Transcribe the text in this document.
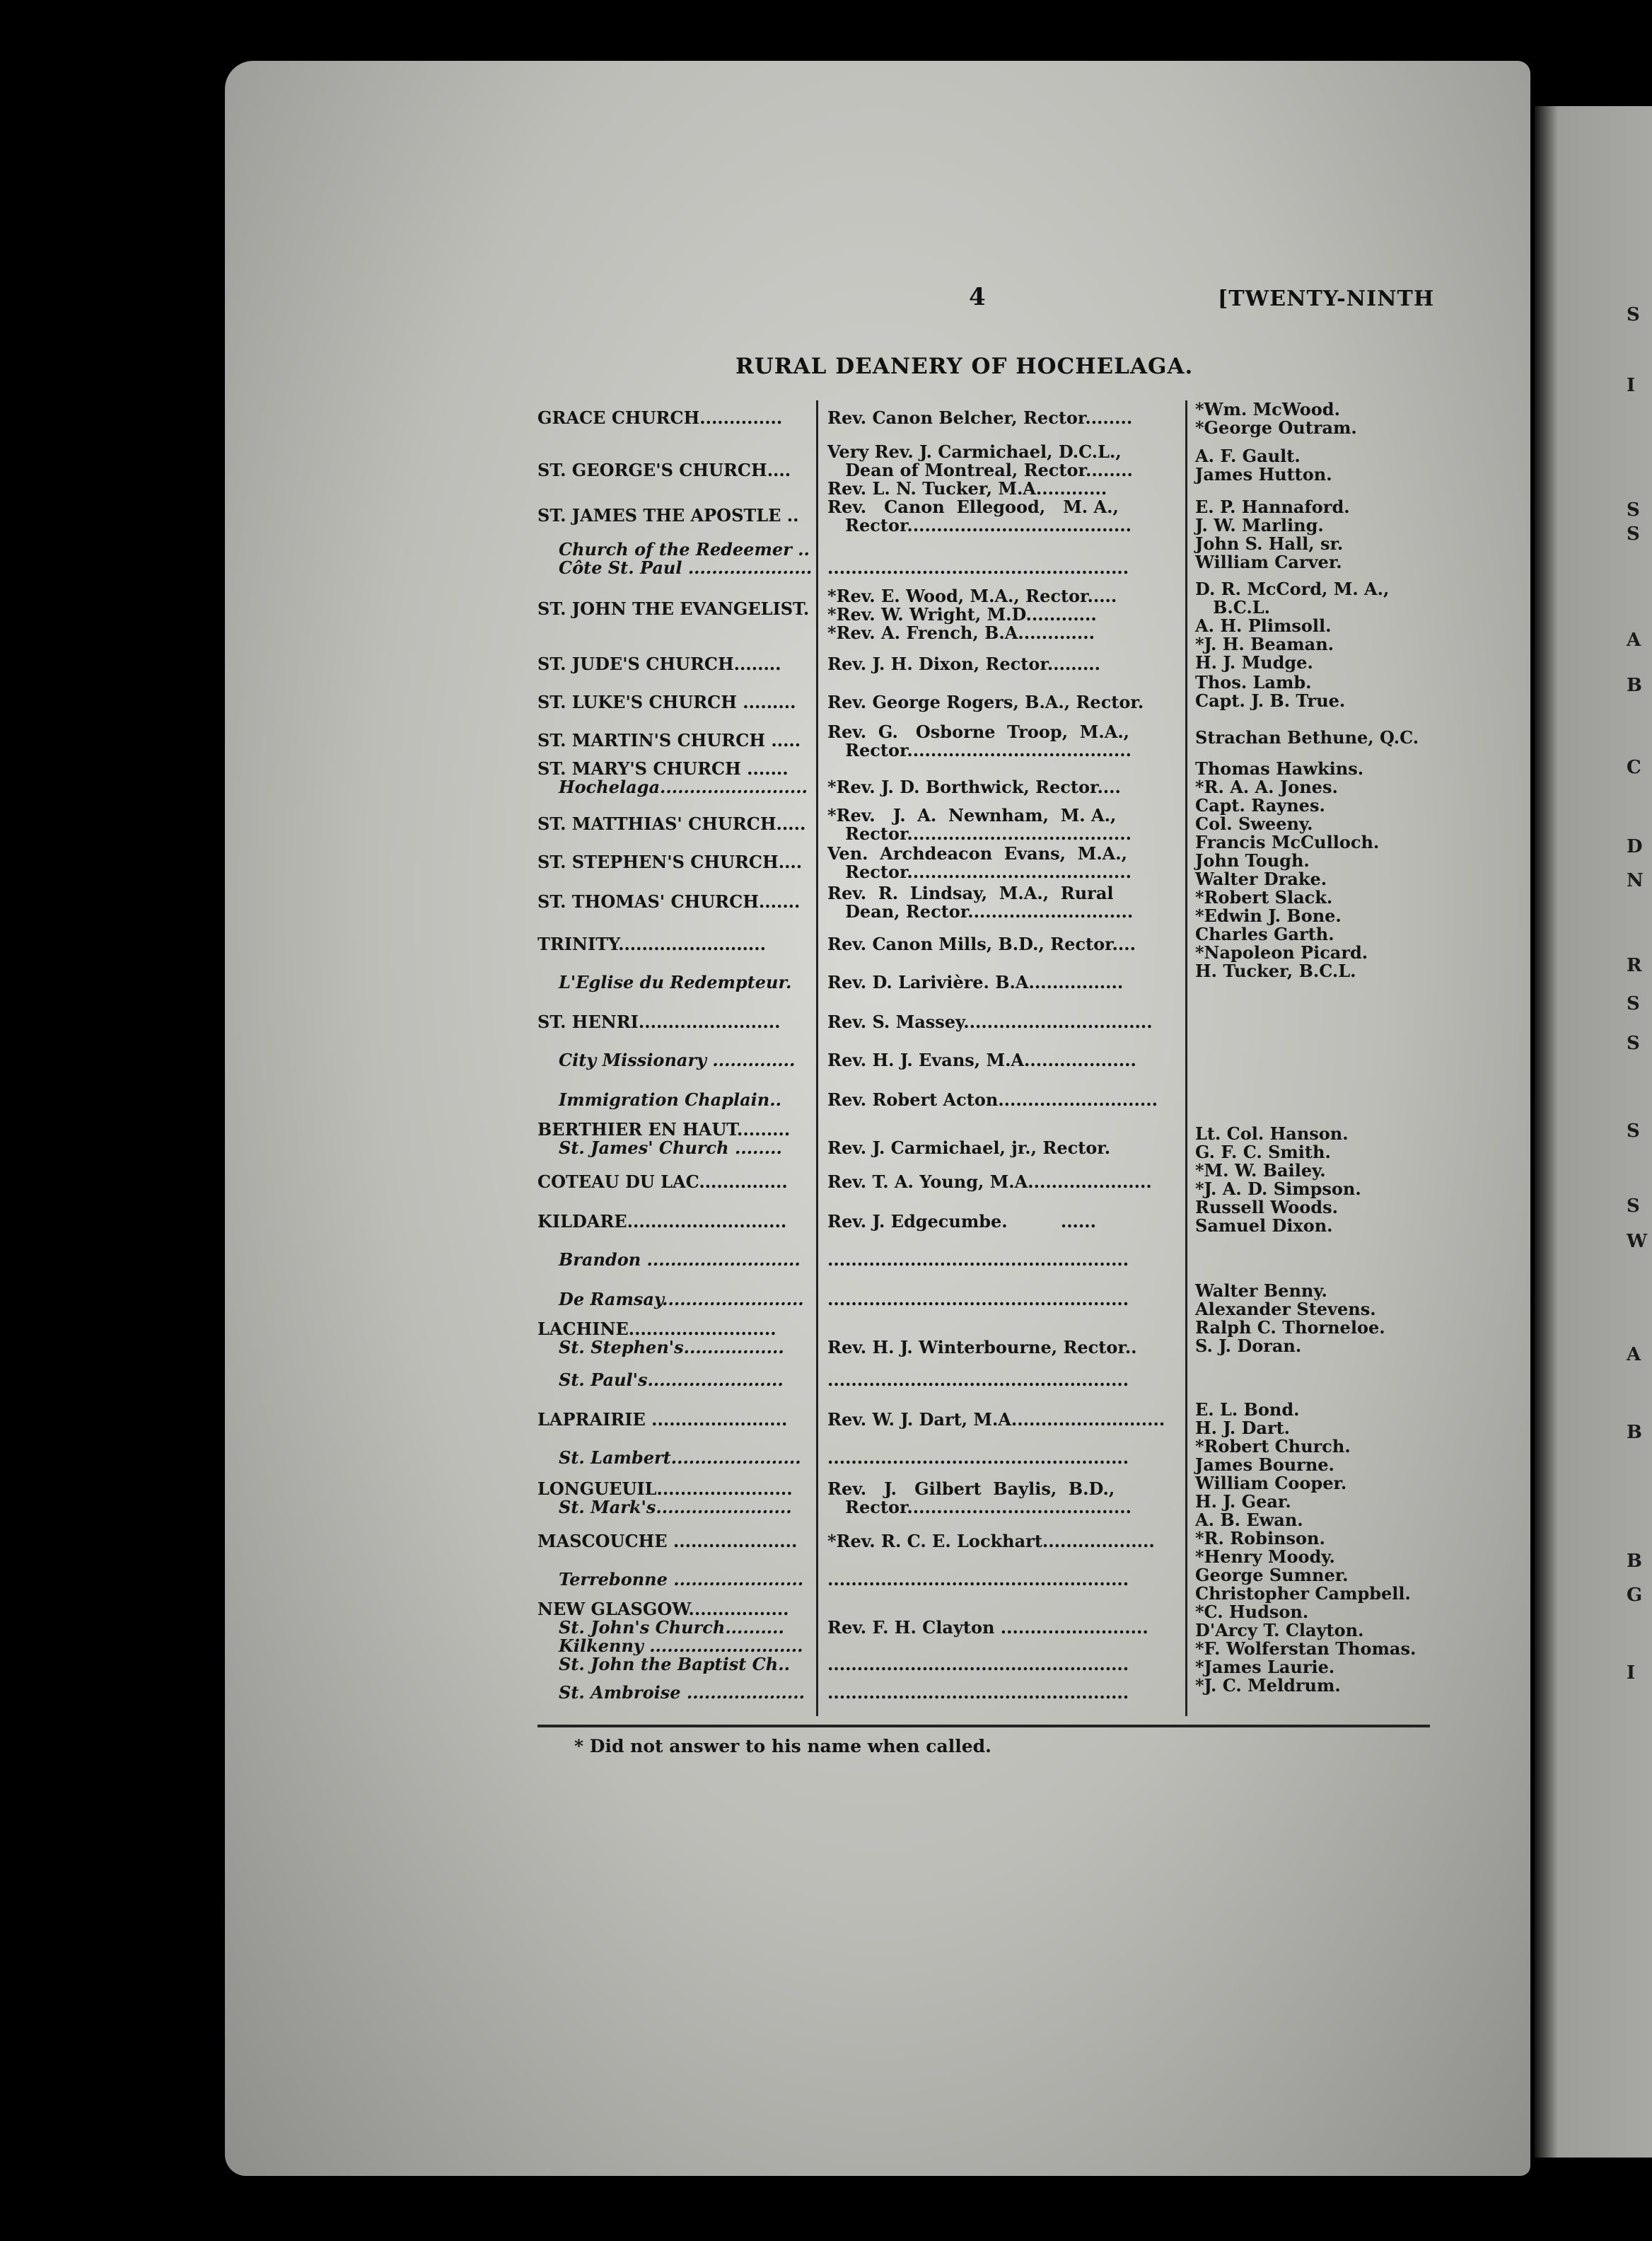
S
I
S
S
A
B
C
D
N
R
S
S
S
S
W
A
B
B
G
I
4	[TWENTY-NINTH
RURAL DEANERY OF HOCHELAGA.
GRACE CHURCH..............
ST. GEORGE'S CHURCH....
ST. JAMES THE APOSTLE ..
Church of the Redeemer ..
Côte St. Paul .....................
ST. JOHN THE EVANGELIST.
ST. JUDE'S CHURCH........
ST. LUKE'S CHURCH .........
ST. MARTIN'S CHURCH .....
ST. MARY'S CHURCH .......
Hochelaga.........................
ST. MATTHIAS' CHURCH.....
ST. STEPHEN'S CHURCH....
ST. THOMAS' CHURCH.......
TRINITY.........................
L'Eglise du Redempteur.
ST. HENRI........................
City Missionary ..............
Immigration Chaplain..
BERTHIER EN HAUT.........
St. James' Church ........
COTEAU DU LAC...............
KILDARE...........................
Brandon ..........................
De Ramsay........................
LACHINE.........................
St. Stephen's.................
St. Paul's.......................
LAPRAIRIE .......................
St. Lambert......................
LONGUEUIL.......................
St. Mark's.......................
MASCOUCHE .....................
Terrebonne ......................
NEW GLASGOW.................
St. John's Church..........
Kilkenny ..........................
St. John the Baptist Ch..
St. Ambroise ....................
Rev. Canon Belcher, Rector........
Very Rev. J. Carmichael, D.C.L.,
Dean of Montreal, Rector........
Rev. L. N. Tucker, M.A............
Rev.   Canon  Ellegood,   M. A.,
Rector......................................
...................................................
*Rev. E. Wood, M.A., Rector.....
*Rev. W. Wright, M.D............
*Rev. A. French, B.A.............
Rev. J. H. Dixon, Rector.........
Rev. George Rogers, B.A., Rector.
Rev.  G.   Osborne  Troop,  M.A.,
Rector......................................
*Rev. J. D. Borthwick, Rector....
*Rev.   J.  A.  Newnham,  M. A.,
Rector......................................
Ven.  Archdeacon  Evans,  M.A.,
Rector......................................
Rev.  R.  Lindsay,  M.A.,  Rural
Dean, Rector............................
Rev. Canon Mills, B.D., Rector....
Rev. D. Larivière. B.A................
Rev. S. Massey................................
Rev. H. J. Evans, M.A...................
Rev. Robert Acton...........................
Rev. J. Carmichael, jr., Rector.
Rev. T. A. Young, M.A.....................
Rev. J. Edgecumbe.         ......
...................................................
...................................................
Rev. H. J. Winterbourne, Rector..
...................................................
Rev. W. J. Dart, M.A..........................
...................................................
Rev.   J.   Gilbert  Baylis,  B.D.,
Rector......................................
*Rev. R. C. E. Lockhart...................
...................................................
Rev. F. H. Clayton .........................
...................................................
...................................................
*Wm. McWood.
*George Outram.
A. F. Gault.
James Hutton.
E. P. Hannaford.
J. W. Marling.
John S. Hall, sr.
William Carver.
D. R. McCord, M. A.,
B.C.L.
A. H. Plimsoll.
*J. H. Beaman.
H. J. Mudge.
Thos. Lamb.
Capt. J. B. True.
Strachan Bethune, Q.C.
Thomas Hawkins.
*R. A. A. Jones.
Capt. Raynes.
Col. Sweeny.
Francis McCulloch.
John Tough.
Walter Drake.
*Robert Slack.
*Edwin J. Bone.
Charles Garth.
*Napoleon Picard.
H. Tucker, B.C.L.
Lt. Col. Hanson.
G. F. C. Smith.
*M. W. Bailey.
*J. A. D. Simpson.
Russell Woods.
Samuel Dixon.
Walter Benny.
Alexander Stevens.
Ralph C. Thorneloe.
S. J. Doran.
E. L. Bond.
H. J. Dart.
*Robert Church.
James Bourne.
William Cooper.
H. J. Gear.
A. B. Ewan.
*R. Robinson.
*Henry Moody.
George Sumner.
Christopher Campbell.
*C. Hudson.
D'Arcy T. Clayton.
*F. Wolferstan Thomas.
*James Laurie.
*J. C. Meldrum.
* Did not answer to his name when called.
